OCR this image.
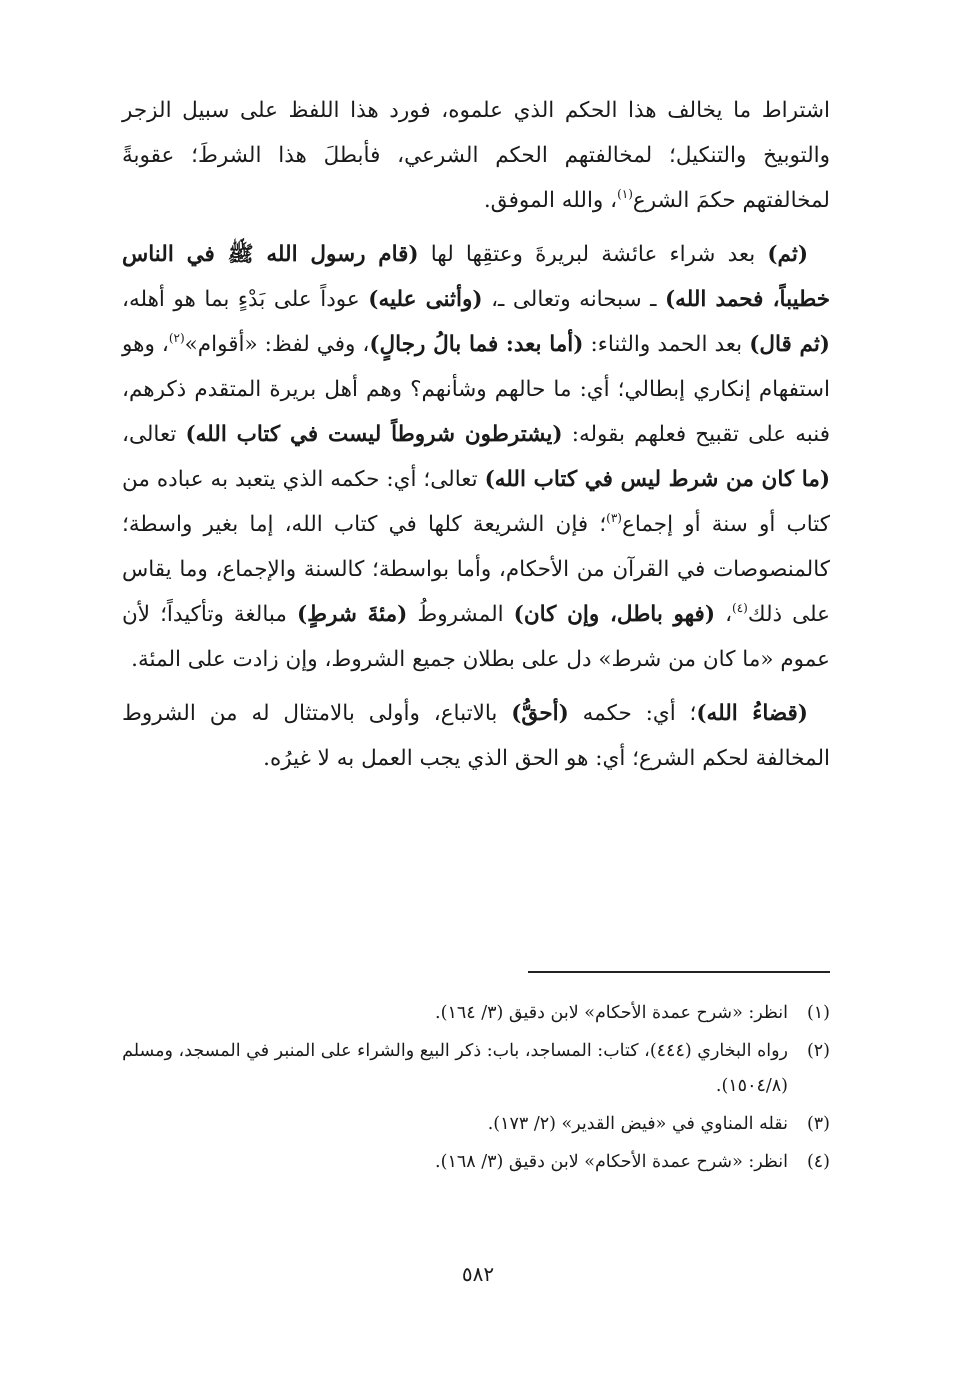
اشتراط ما يخالف هذا الحكم الذي علموه، فورد هذا اللفظ على سبيل الزجر والتوبيخ والتنكيل؛ لمخالفتهم الحكم الشرعي، فأبطلَ هذا الشرطَ؛ عقوبةً لمخالفتهم حكمَ الشرع$^{(١)}$، والله الموفق.

(ثم) بعد شراء عائشة لبريرةَ وعتقِها لها (قام رسول الله ﷺ في الناس خطيباً، فحمد الله) ـ سبحانه وتعالى ـ، (وأثنى عليه) عوداً على بَدْءٍ بما هو أهله، (ثم قال) بعد الحمد والثناء: (أما بعد: فما بالُ رجالٍ)، وفي لفظ: «أقوام»$^{(٢)}$، وهو استفهام إنكاري إبطالي؛ أي: ما حالهم وشأنهم؟ وهم أهل بريرة المتقدم ذكرهم، فنبه على تقبيح فعلهم بقوله: (يشترطون شروطاً ليست في كتاب الله) تعالى، (ما كان من شرط ليس في كتاب الله) تعالى؛ أي: حكمه الذي يتعبد به عباده من كتاب أو سنة أو إجماع$^{(٣)}$؛ فإن الشريعة كلها في كتاب الله، إما بغير واسطة؛ كالمنصوصات في القرآن من الأحكام، وأما بواسطة؛ كالسنة والإجماع، وما يقاس على ذلك$^{(٤)}$، (فهو باطل، وإن كان) المشروطُ (مئةَ شرطٍ) مبالغة وتأكيداً؛ لأن عموم «ما كان من شرط» دل على بطلان جميع الشروط، وإن زادت على المئة.

(قضاءُ الله)؛ أي: حكمه (أحقُّ) بالاتباع، وأولى بالامتثال له من الشروط المخالفة لحكم الشرع؛ أي: هو الحق الذي يجب العمل به لا غيرُه.

(١)
انظر: «شرح عمدة الأحكام» لابن دقيق (٣/ ١٦٤).
(٢)
رواه البخاري (٤٤٤)، كتاب: المساجد، باب: ذكر البيع والشراء على المنبر في المسجد، ومسلم (١٥٠٤/٨).
(٣)
نقله المناوي في «فيض القدير» (٢/ ١٧٣).
(٤)
انظر: «شرح عمدة الأحكام» لابن دقيق (٣/ ١٦٨).
٥٨٢
